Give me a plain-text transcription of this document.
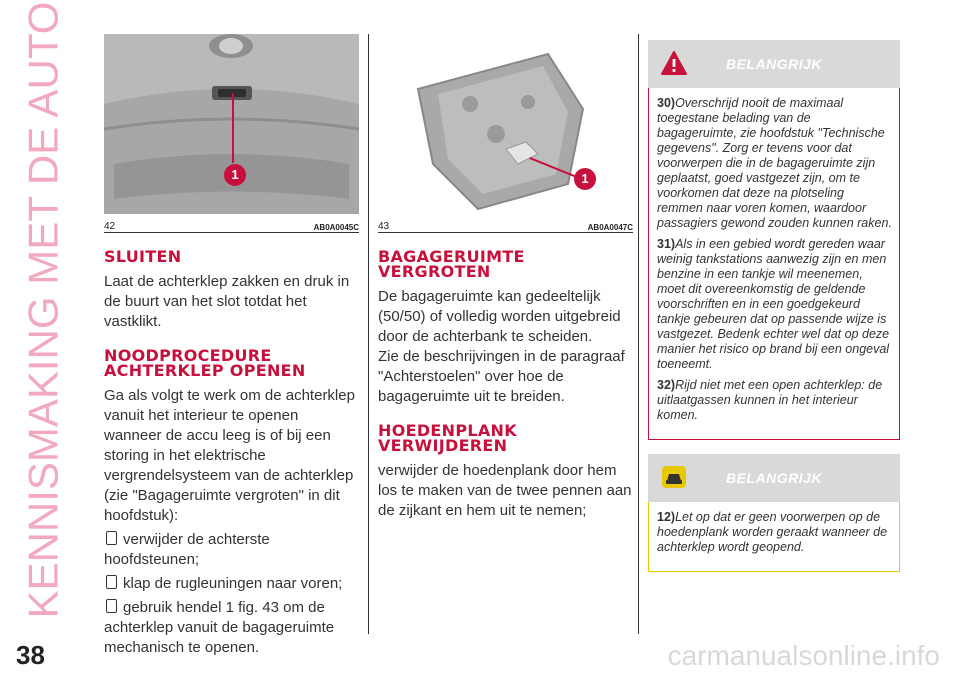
KENNISMAKING MET DE AUTO	1
42	AB0A0045C
SLUITEN

Laat de achterklep zakken en druk in de buurt van het slot totdat het vastklikt.

NOODPROCEDURE ACHTERKLEP OPENEN

Ga als volgt te werk om de achterklep vanuit het interieur te openen wanneer de accu leeg is of bij een storing in het elektrische vergrendelsysteem van de achterklep (zie "Bagageruimte vergroten" in dit hoofdstuk):

verwijder de achterste hoofdsteunen;

klap de rugleuningen naar voren;

gebruik hendel 1 fig. 43 om de achterklep vanuit de bagageruimte mechanisch te openen.

1
43	AB0A0047C
BAGAGERUIMTE VERGROTEN

De bagageruimte kan gedeeltelijk (50/50) of volledig worden uitgebreid door de achterbank te scheiden.

Zie de beschrijvingen in de paragraaf "Achterstoelen" over hoe de bagageruimte uit te breiden.

HOEDENPLANK VERWIJDEREN

verwijder de hoedenplank door hem los te maken van de twee pennen aan de zijkant en hem uit te nemen;

BELANGRIJK

30)Overschrijd nooit de maximaal toegestane belading van de bagageruimte, zie hoofdstuk "Technische gegevens". Zorg er tevens voor dat voorwerpen die in de bagageruimte zijn geplaatst, goed vastgezet zijn, om te voorkomen dat deze na plotseling remmen naar voren komen, waardoor passagiers gewond zouden kunnen raken.

31)Als in een gebied wordt gereden waar weinig tankstations aanwezig zijn en men benzine in een tankje wil meenemen, moet dit overeenkomstig de geldende voorschriften en in een goedgekeurd tankje gebeuren dat op passende wijze is vastgezet. Bedenk echter wel dat op deze manier het risico op brand bij een ongeval toeneemt.

32)Rijd niet met een open achterklep: de uitlaatgassen kunnen in het interieur komen.

BELANGRIJK

12)Let op dat er geen voorwerpen op de hoedenplank worden geraakt wanneer de achterklep wordt geopend.

38	carmanualsonline.info
